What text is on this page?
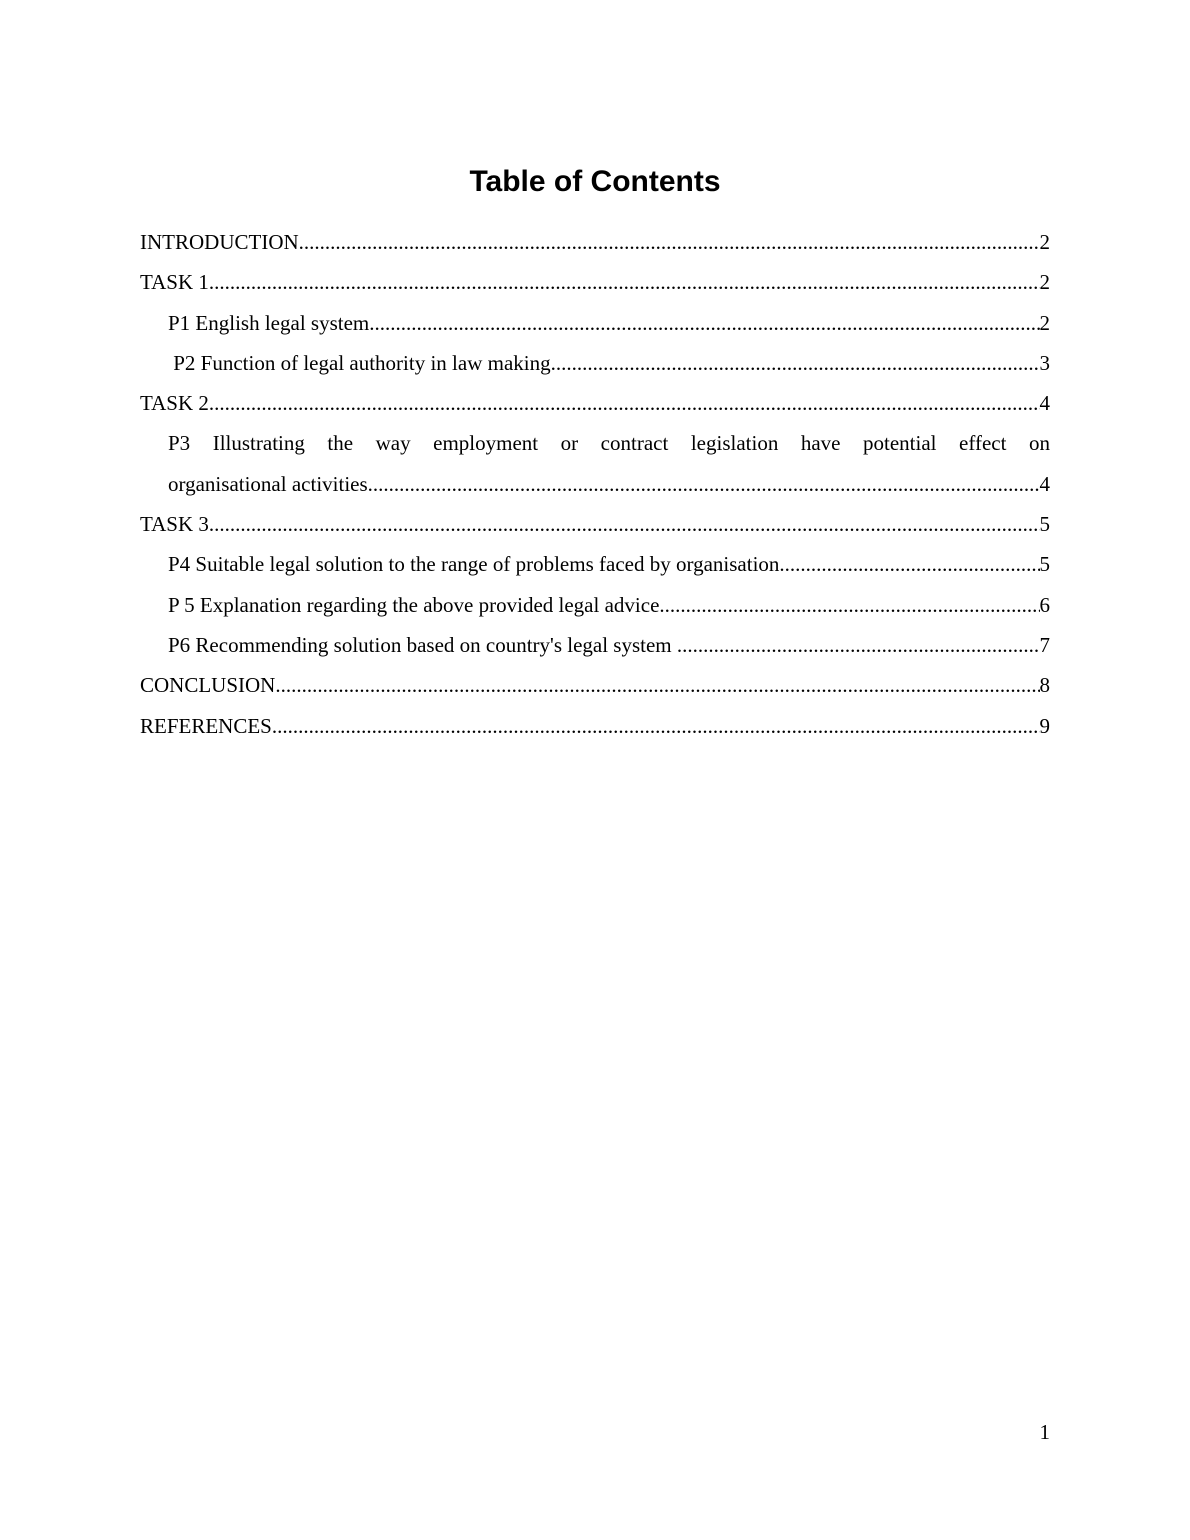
Table of Contents
INTRODUCTION .....	2
TASK 1 .....	2
P1 English legal system .....	2
P2 Function of legal authority in law making .....	3
TASK 2 .....	4
P3 Illustrating the way employment or contract legislation have potential effect on
organisational activities .....	4
TASK 3 .....	5
P4 Suitable legal solution to the range of problems faced by organisation .....	5
P 5 Explanation regarding the above provided legal advice .....	6
P6 Recommending solution based on country's legal system .....	7
CONCLUSION .....	8
REFERENCES .....	9
1
